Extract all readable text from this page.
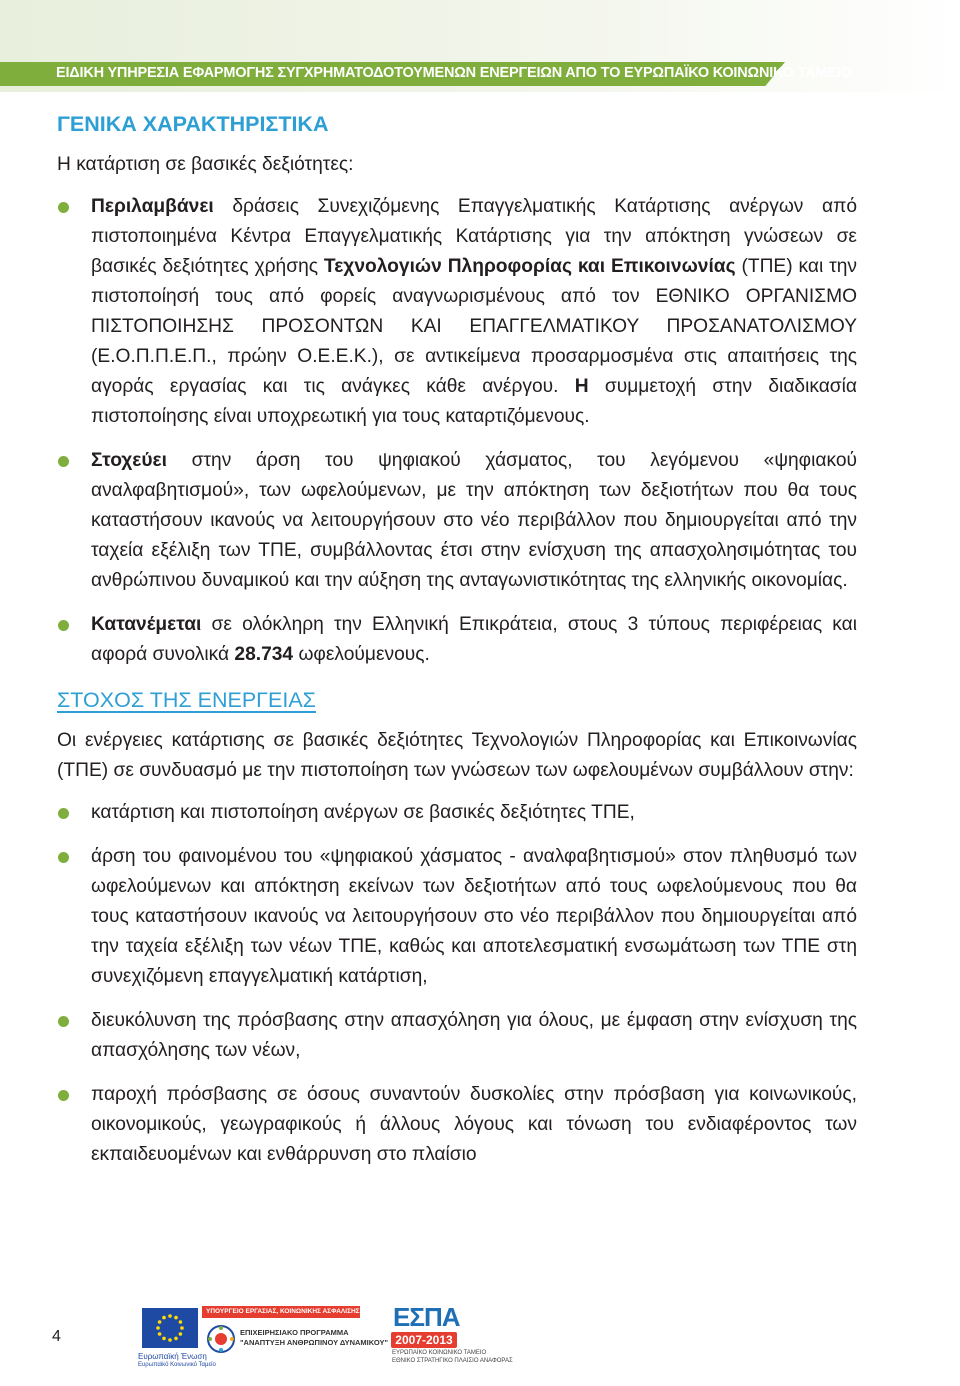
ΕΙΔΙΚΗ ΥΠΗΡΕΣΙΑ ΕΦΑΡΜΟΓΗΣ ΣΥΓΧΡΗΜΑΤΟΔΟΤΟΥΜΕΝΩΝ ΕΝΕΡΓΕΙΩΝ ΑΠΟ ΤΟ ΕΥΡΩΠΑΪΚΟ ΚΟΙΝΩΝΙΚΟ ΤΑΜΕΙΟ
ΓΕΝΙΚΑ ΧΑΡΑΚΤΗΡΙΣΤΙΚΑ

Η κατάρτιση σε βασικές δεξιότητες:

Περιλαμβάνει δράσεις Συνεχιζόμενης Επαγγελματικής Κατάρτισης ανέργων από πιστοποιημένα Κέντρα Επαγγελματικής Κατάρτισης για την απόκτηση γνώσεων σε βασικές δεξιότητες χρήσης Τεχνολογιών Πληροφορίας και Επικοινωνίας (ΤΠΕ) και την πιστοποίησή τους από φορείς αναγνωρισμένους από τον ΕΘΝΙΚΟ ΟΡΓΑΝΙΣΜΟ ΠΙΣΤΟΠΟΙΗΣΗΣ ΠΡΟΣΟΝΤΩΝ ΚΑΙ ΕΠΑΓΓΕΛΜΑΤΙΚΟΥ ΠΡΟΣΑΝΑΤΟΛΙΣΜΟΥ (Ε.Ο.Π.Π.Ε.Π., πρώην Ο.Ε.Ε.Κ.), σε αντικείμενα προσαρμοσμένα στις απαιτήσεις της αγοράς εργασίας και τις ανάγκες κάθε ανέργου. Η συμμετοχή στην διαδικασία πιστοποίησης είναι υποχρεωτική για τους καταρτιζόμενους.

Στοχεύει στην άρση του ψηφιακού χάσματος, του λεγόμενου «ψηφιακού αναλφαβητισμού», των ωφελούμενων, με την απόκτηση των δεξιοτήτων που θα τους καταστήσουν ικανούς να λειτουργήσουν στο νέο περιβάλλον που δημιουργείται από την ταχεία εξέλιξη των ΤΠΕ, συμβάλλοντας έτσι στην ενίσχυση της απασχολησιμότητας του ανθρώπινου δυναμικού και την αύξηση της ανταγωνιστικότητας της ελληνικής οικονομίας.

Κατανέμεται σε ολόκληρη την Ελληνική Επικράτεια, στους 3 τύπους περιφέρειας και αφορά συνολικά 28.734 ωφελούμενους.

ΣΤΟΧΟΣ ΤΗΣ ΕΝΕΡΓΕΙΑΣ

Οι ενέργειες κατάρτισης σε βασικές δεξιότητες Τεχνολογιών Πληροφορίας και Επικοινωνίας (ΤΠΕ) σε συνδυασμό με την πιστοποίηση των γνώσεων των ωφελουμένων συμβάλλουν στην:

κατάρτιση και πιστοποίηση ανέργων σε βασικές δεξιότητες ΤΠΕ,

άρση του φαινομένου του «ψηφιακού χάσματος - αναλφαβητισμού» στον πληθυσμό των ωφελούμενων και απόκτηση εκείνων των δεξιοτήτων από τους ωφελούμενους που θα τους καταστήσουν ικανούς να λειτουργήσουν στο νέο περιβάλλον που δημιουργείται από την ταχεία εξέλιξη των νέων ΤΠΕ, καθώς και αποτελεσματική ενσωμάτωση των ΤΠΕ στη συνεχιζόμενη επαγγελματική κατάρτιση,

διευκόλυνση της πρόσβασης στην απασχόληση για όλους, με έμφαση στην ενίσχυση της απασχόλησης των νέων,

παροχή πρόσβασης σε όσους συναντούν δυσκολίες στην πρόσβαση για κοινωνικούς, οικονομικούς, γεωγραφικούς ή άλλους λόγους και τόνωση του ενδιαφέροντος των εκπαιδευομένων και ενθάρρυνση στο πλαίσιο

4
Ευρωπαϊκή Ένωση
Ευρωπαϊκό Κοινωνικό Ταμείο
ΥΠΟΥΡΓΕΙΟ ΕΡΓΑΣΙΑΣ, ΚΟΙΝΩΝΙΚΗΣ ΑΣΦΑΛΙΣΗΣ ΚΑΙ ΠΡΟΝΟΙΑΣ
ΕΠΙΧΕΙΡΗΣΙΑΚΟ ΠΡΟΓΡΑΜΜΑ
"ΑΝΑΠΤΥΞΗ ΑΝΘΡΩΠΙΝΟΥ ΔΥΝΑΜΙΚΟΥ"
ΕΣΠΑ
2007-2013
ΕΥΡΩΠΑΪΚΟ ΚΟΙΝΩΝΙΚΟ ΤΑΜΕΙΟ
ΕΘΝΙΚΟ ΣΤΡΑΤΗΓΙΚΟ ΠΛΑΙΣΙΟ ΑΝΑΦΟΡΑΣ
